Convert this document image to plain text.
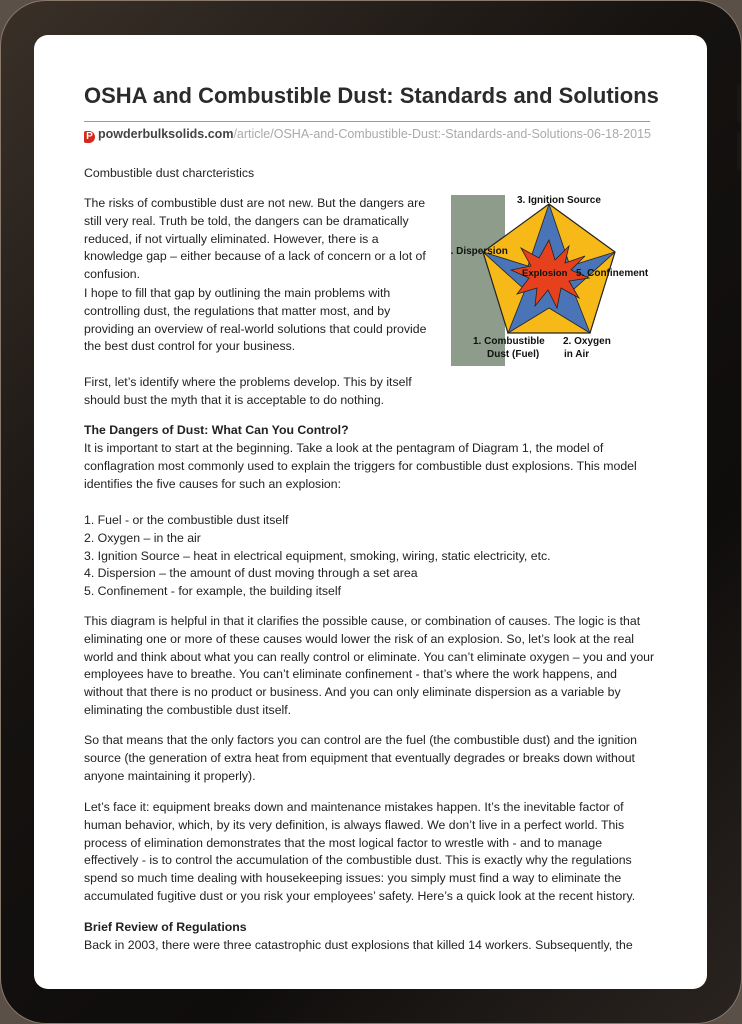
OSHA and Combustible Dust: Standards and Solutions
P powderbulksolids.com/article/OSHA-and-Combustible-Dust:-Standards-and-Solutions-06-18-2015

Combustible dust charcteristics

The risks of combustible dust are not new. But the dangers are still very real. Truth be told, the dangers can be dramatically reduced, if not virtually eliminated. However, there is a knowledge gap – either because of a lack of concern or a lot of confusion.

I hope to fill that gap by outlining the main problems with controlling dust, the regulations that matter most, and by providing an overview of real-world solutions that could provide the best dust control for your business.

First, let’s identify where the problems develop. This by itself should bust the myth that it is acceptable to do nothing.

3. Ignition Source
4. Dispersion
Explosion 5. Confinement
1. Combustible
Dust (Fuel)
2. Oxygen
in Air

The Dangers of Dust: What Can You Control?

It is important to start at the beginning. Take a look at the pentagram of Diagram 1, the model of conflagration most commonly used to explain the triggers for combustible dust explosions. This model identifies the five causes for such an explosion:

1. Fuel - or the combustible dust itself
2. Oxygen – in the air
3. Ignition Source – heat in electrical equipment, smoking, wiring, static electricity, etc.
4. Dispersion – the amount of dust moving through a set area
5. Confinement - for example, the building itself

This diagram is helpful in that it clarifies the possible cause, or combination of causes. The logic is that eliminating one or more of these causes would lower the risk of an explosion. So, let’s look at the real world and think about what you can really control or eliminate. You can’t eliminate oxygen – you and your employees have to breathe. You can’t eliminate confinement - that’s where the work happens, and without that there is no product or business. And you can only eliminate dispersion as a variable by eliminating the combustible dust itself.

So that means that the only factors you can control are the fuel (the combustible dust) and the ignition source (the generation of extra heat from equipment that eventually degrades or breaks down without anyone maintaining it properly).

Let’s face it: equipment breaks down and maintenance mistakes happen. It’s the inevitable factor of human behavior, which, by its very definition, is always flawed. We don’t live in a perfect world. This process of elimination demonstrates that the most logical factor to wrestle with - and to manage effectively - is to control the accumulation of the combustible dust. This is exactly why the regulations spend so much time dealing with housekeeping issues: you simply must find a way to eliminate the accumulated fugitive dust or you risk your employees’ safety. Here’s a quick look at the recent history.

Brief Review of Regulations

Back in 2003, there were three catastrophic dust explosions that killed 14 workers. Subsequently, the
